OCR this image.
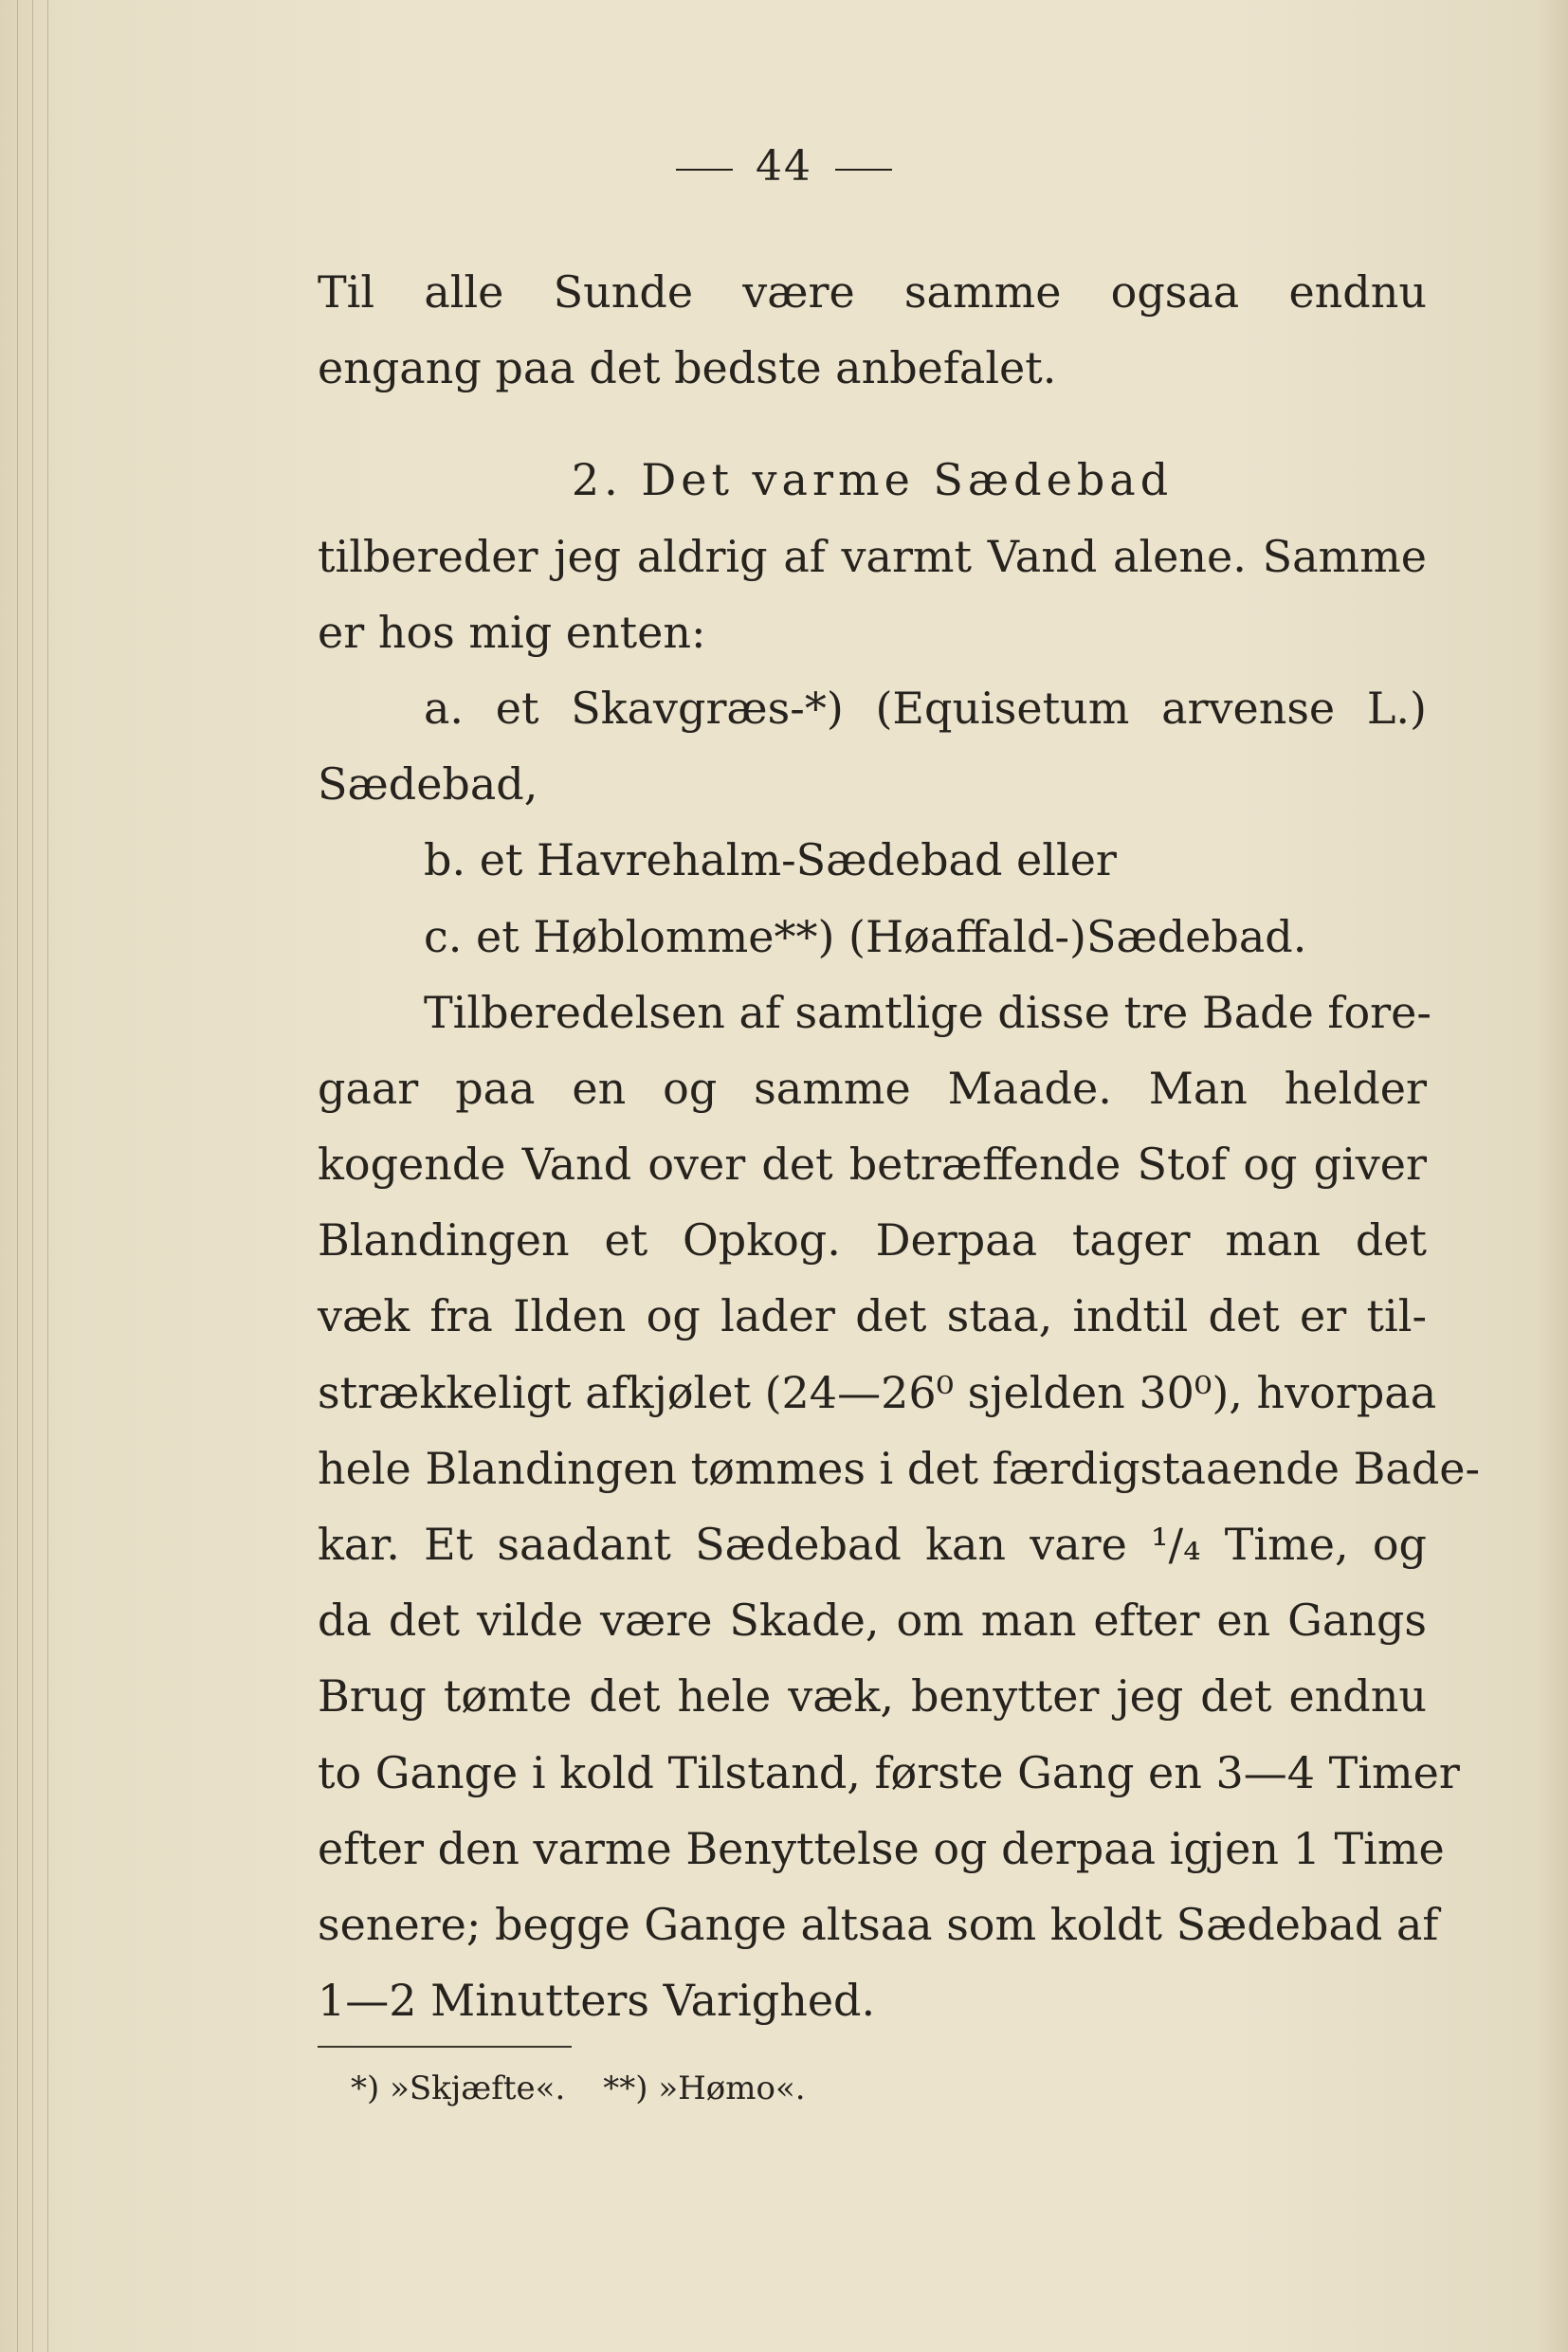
44
Til alle Sunde være samme ogsaa endnu
engang paa det bedste anbefalet.
2. Det varme Sædebad
tilbereder jeg aldrig af varmt Vand alene. Samme
er hos mig enten:
a. et Skavgræs-*) (Equisetum arvense L.)
Sædebad,
b. et Havrehalm-Sædebad eller
c. et Høblomme**) (Høaffald-)Sædebad.
Tilberedelsen af samtlige disse tre Bade fore-
gaar paa en og samme Maade. Man helder
kogende Vand over det betræffende Stof og giver
Blandingen et Opkog. Derpaa tager man det
væk fra Ilden og lader det staa, indtil det er til-
strækkeligt afkjølet (24—26⁰ sjelden 30⁰), hvorpaa
hele Blandingen tømmes i det færdigstaaende Bade-
kar. Et saadant Sædebad kan vare ¹/₄ Time, og
da det vilde være Skade, om man efter en Gangs
Brug tømte det hele væk, benytter jeg det endnu
to Gange i kold Tilstand, første Gang en 3—4 Timer
efter den varme Benyttelse og derpaa igjen 1 Time
senere; begge Gange altsaa som koldt Sædebad af
1—2 Minutters Varighed.
*) »Skjæfte«. **) »Hømo«.
